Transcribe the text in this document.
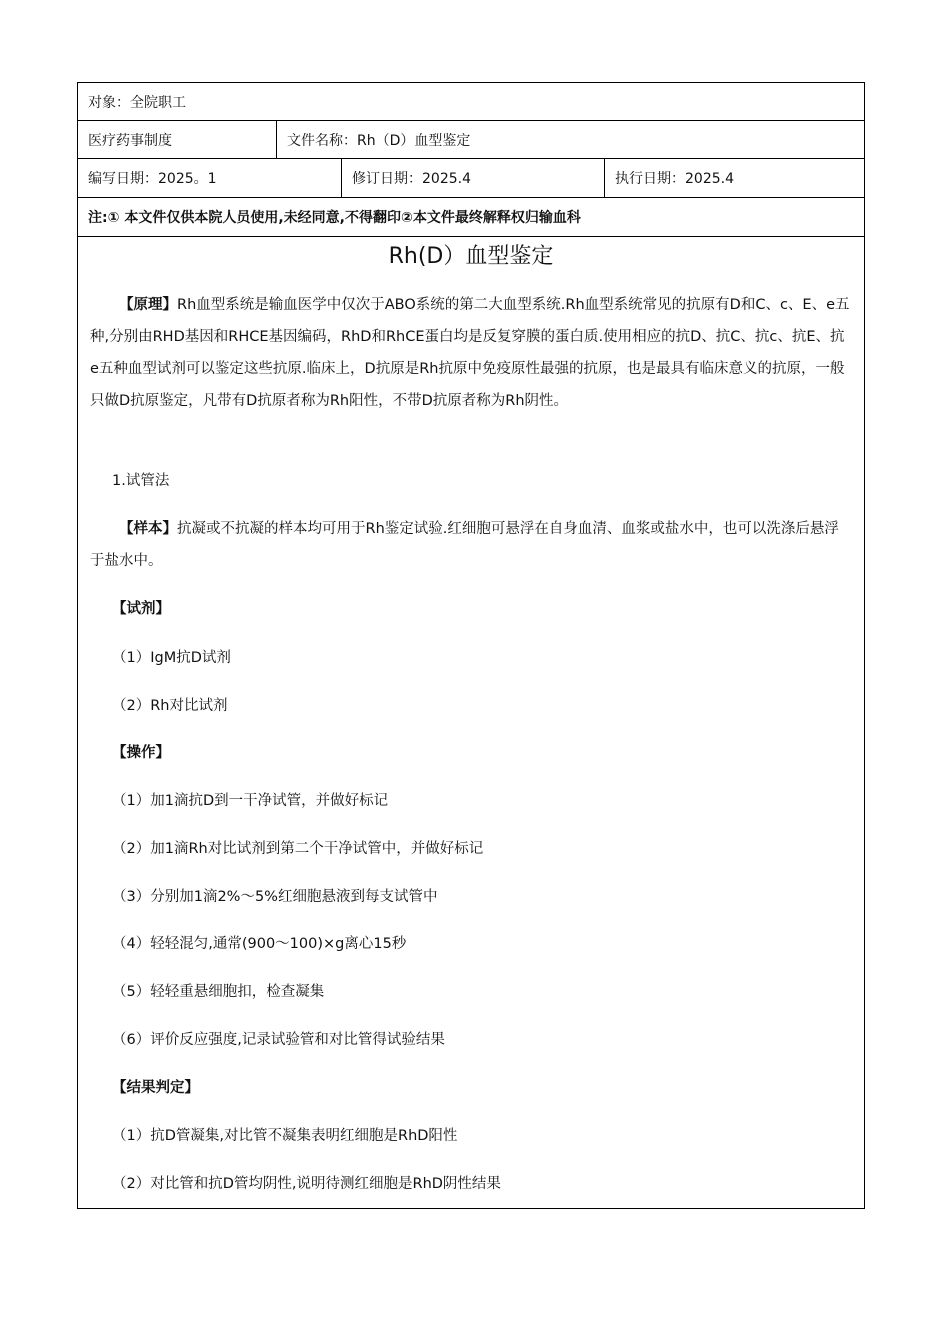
对象：全院职工
医疗药事制度	文件名称：Rh（D）血型鉴定
编写日期：2025。1	修订日期：2025.4	执行日期：2025.4
注:① 本文件仅供本院人员使用,未经同意,不得翻印②本文件最终解释权归输血科
Rh(D）血型鉴定

【原理】Rh血型系统是输血医学中仅次于ABO系统的第二大血型系统.Rh血型系统常见的抗原有D和C、c、E、e五种,分别由RHD基因和RHCE基因编码，RhD和RhCE蛋白均是反复穿膜的蛋白质.使用相应的抗D、抗C、抗c、抗E、抗e五种血型试剂可以鉴定这些抗原.临床上，D抗原是Rh抗原中免疫原性最强的抗原，也是最具有临床意义的抗原，一般只做D抗原鉴定，凡带有D抗原者称为Rh阳性，不带D抗原者称为Rh阴性。

1.试管法

【样本】抗凝或不抗凝的样本均可用于Rh鉴定试验.红细胞可悬浮在自身血清、血浆或盐水中，也可以洗涤后悬浮于盐水中。

【试剂】
（1）IgM抗D试剂
（2）Rh对比试剂
【操作】
（1）加1滴抗D到一干净试管，并做好标记
（2）加1滴Rh对比试剂到第二个干净试管中，并做好标记
（3）分别加1滴2%～5%红细胞悬液到每支试管中
（4）轻轻混匀,通常(900～100)×g离心15秒
（5）轻轻重悬细胞扣，检查凝集
（6）评价反应强度,记录试验管和对比管得试验结果
【结果判定】
（1）抗D管凝集,对比管不凝集表明红细胞是RhD阳性
（2）对比管和抗D管均阴性,说明待测红细胞是RhD阴性结果
